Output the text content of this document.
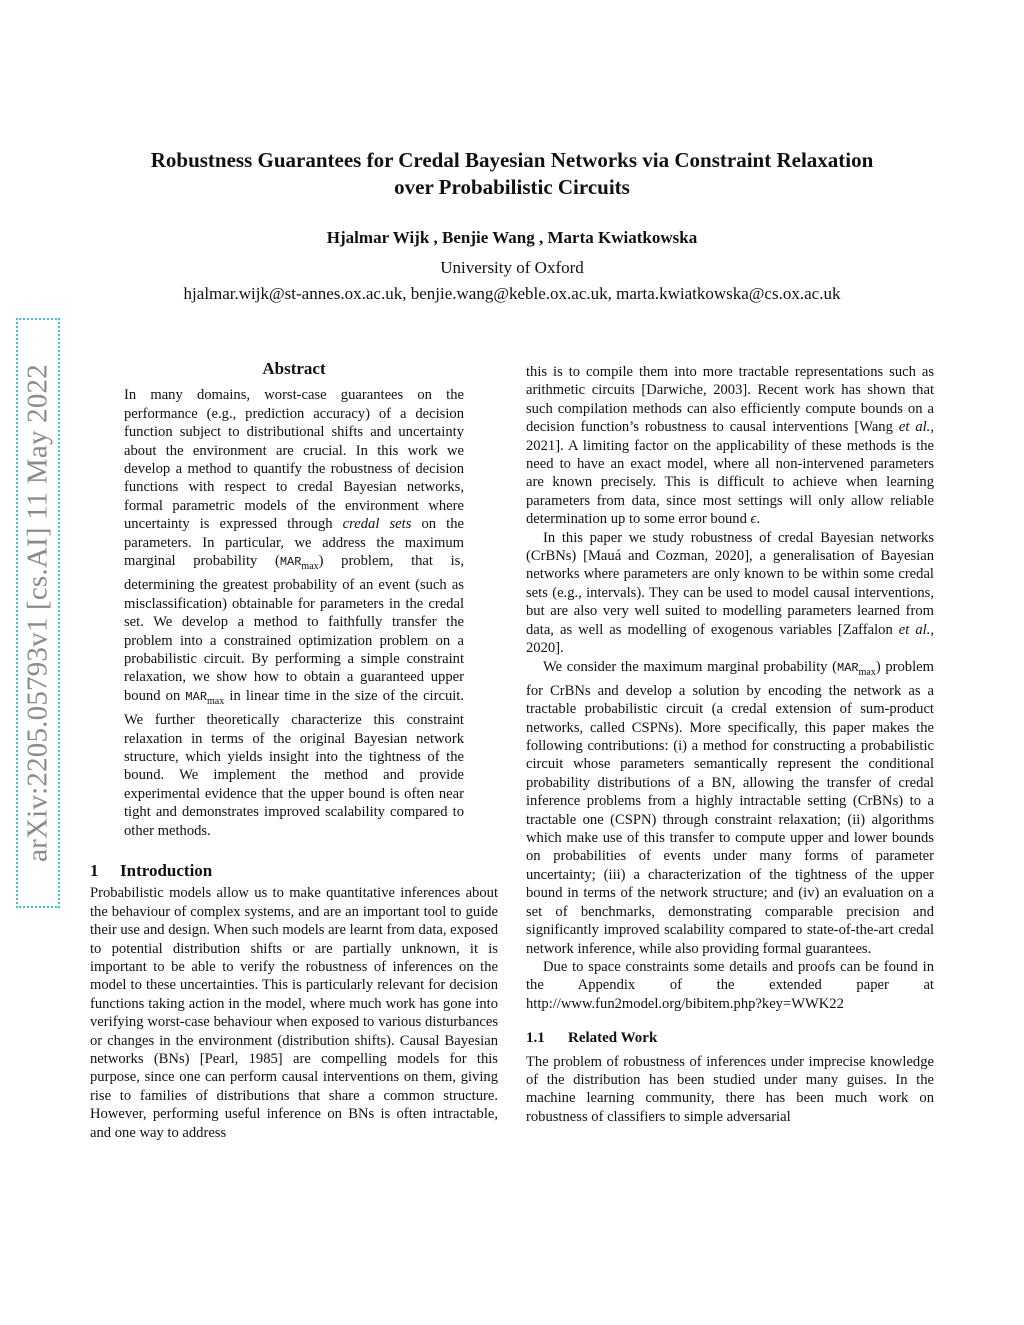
Robustness Guarantees for Credal Bayesian Networks via Constraint Relaxation
over Probabilistic Circuits
Hjalmar Wijk , Benjie Wang , Marta Kwiatkowska
University of Oxford
hjalmar.wijk@st-annes.ox.ac.uk, benjie.wang@keble.ox.ac.uk, marta.kwiatkowska@cs.ox.ac.uk
arXiv:2205.05793v1 [cs.AI] 11 May 2022	Abstract

In many domains, worst-case guarantees on the performance (e.g., prediction accuracy) of a decision function subject to distributional shifts and uncertainty about the environment are crucial. In this work we develop a method to quantify the robustness of decision functions with respect to credal Bayesian networks, formal parametric models of the environment where uncertainty is expressed through credal sets on the parameters. In particular, we address the maximum marginal probability $(MAR_{max})$ problem, that is, determining the greatest probability of an event (such as misclassification) obtainable for parameters in the credal set. We develop a method to faithfully transfer the problem into a constrained optimization problem on a probabilistic circuit. By performing a simple constraint relaxation, we show how to obtain a guaranteed upper bound on $MAR_{max}$ in linear time in the size of the circuit. We further theoretically characterize this constraint relaxation in terms of the original Bayesian network structure, which yields insight into the tightness of the bound. We implement the method and provide experimental evidence that the upper bound is often near tight and demonstrates improved scalability compared to other methods.

1 Introduction

Probabilistic models allow us to make quantitative inferences about the behaviour of complex systems, and are an important tool to guide their use and design. When such models are learnt from data, exposed to potential distribution shifts or are partially unknown, it is important to be able to verify the robustness of inferences on the model to these uncertainties. This is particularly relevant for decision functions taking action in the model, where much work has gone into verifying worst-case behaviour when exposed to various disturbances or changes in the environment (distribution shifts). Causal Bayesian networks (BNs) [Pearl, 1985] are compelling models for this purpose, since one can perform causal interventions on them, giving rise to families of distributions that share a common structure. However, performing useful inference on BNs is often intractable, and one way to address

this is to compile them into more tractable representations such as arithmetic circuits [Darwiche, 2003]. Recent work has shown that such compilation methods can also efficiently compute bounds on a decision function’s robustness to causal interventions [Wang et al., 2021]. A limiting factor on the applicability of these methods is the need to have an exact model, where all non-intervened parameters are known precisely. This is difficult to achieve when learning parameters from data, since most settings will only allow reliable determination up to some error bound ϵ.

In this paper we study robustness of credal Bayesian networks (CrBNs) [Mauá and Cozman, 2020], a generalisation of Bayesian networks where parameters are only known to be within some credal sets (e.g., intervals). They can be used to model causal interventions, but are also very well suited to modelling parameters learned from data, as well as modelling of exogenous variables [Zaffalon et al., 2020].

We consider the maximum marginal probability $(MAR_{max})$ problem for CrBNs and develop a solution by encoding the network as a tractable probabilistic circuit (a credal extension of sum-product networks, called CSPNs). More specifically, this paper makes the following contributions: (i) a method for constructing a probabilistic circuit whose parameters semantically represent the conditional probability distributions of a BN, allowing the transfer of credal inference problems from a highly intractable setting (CrBNs) to a tractable one (CSPN) through constraint relaxation; (ii) algorithms which make use of this transfer to compute upper and lower bounds on probabilities of events under many forms of parameter uncertainty; (iii) a characterization of the tightness of the upper bound in terms of the network structure; and (iv) an evaluation on a set of benchmarks, demonstrating comparable precision and significantly improved scalability compared to state-of-the-art credal network inference, while also providing formal guarantees.

Due to space constraints some details and proofs can be found in the Appendix of the extended paper at http://www.fun2model.org/bibitem.php?key=WWK22

1.1 Related Work

The problem of robustness of inferences under imprecise knowledge of the distribution has been studied under many guises. In the machine learning community, there has been much work on robustness of classifiers to simple adversarial
